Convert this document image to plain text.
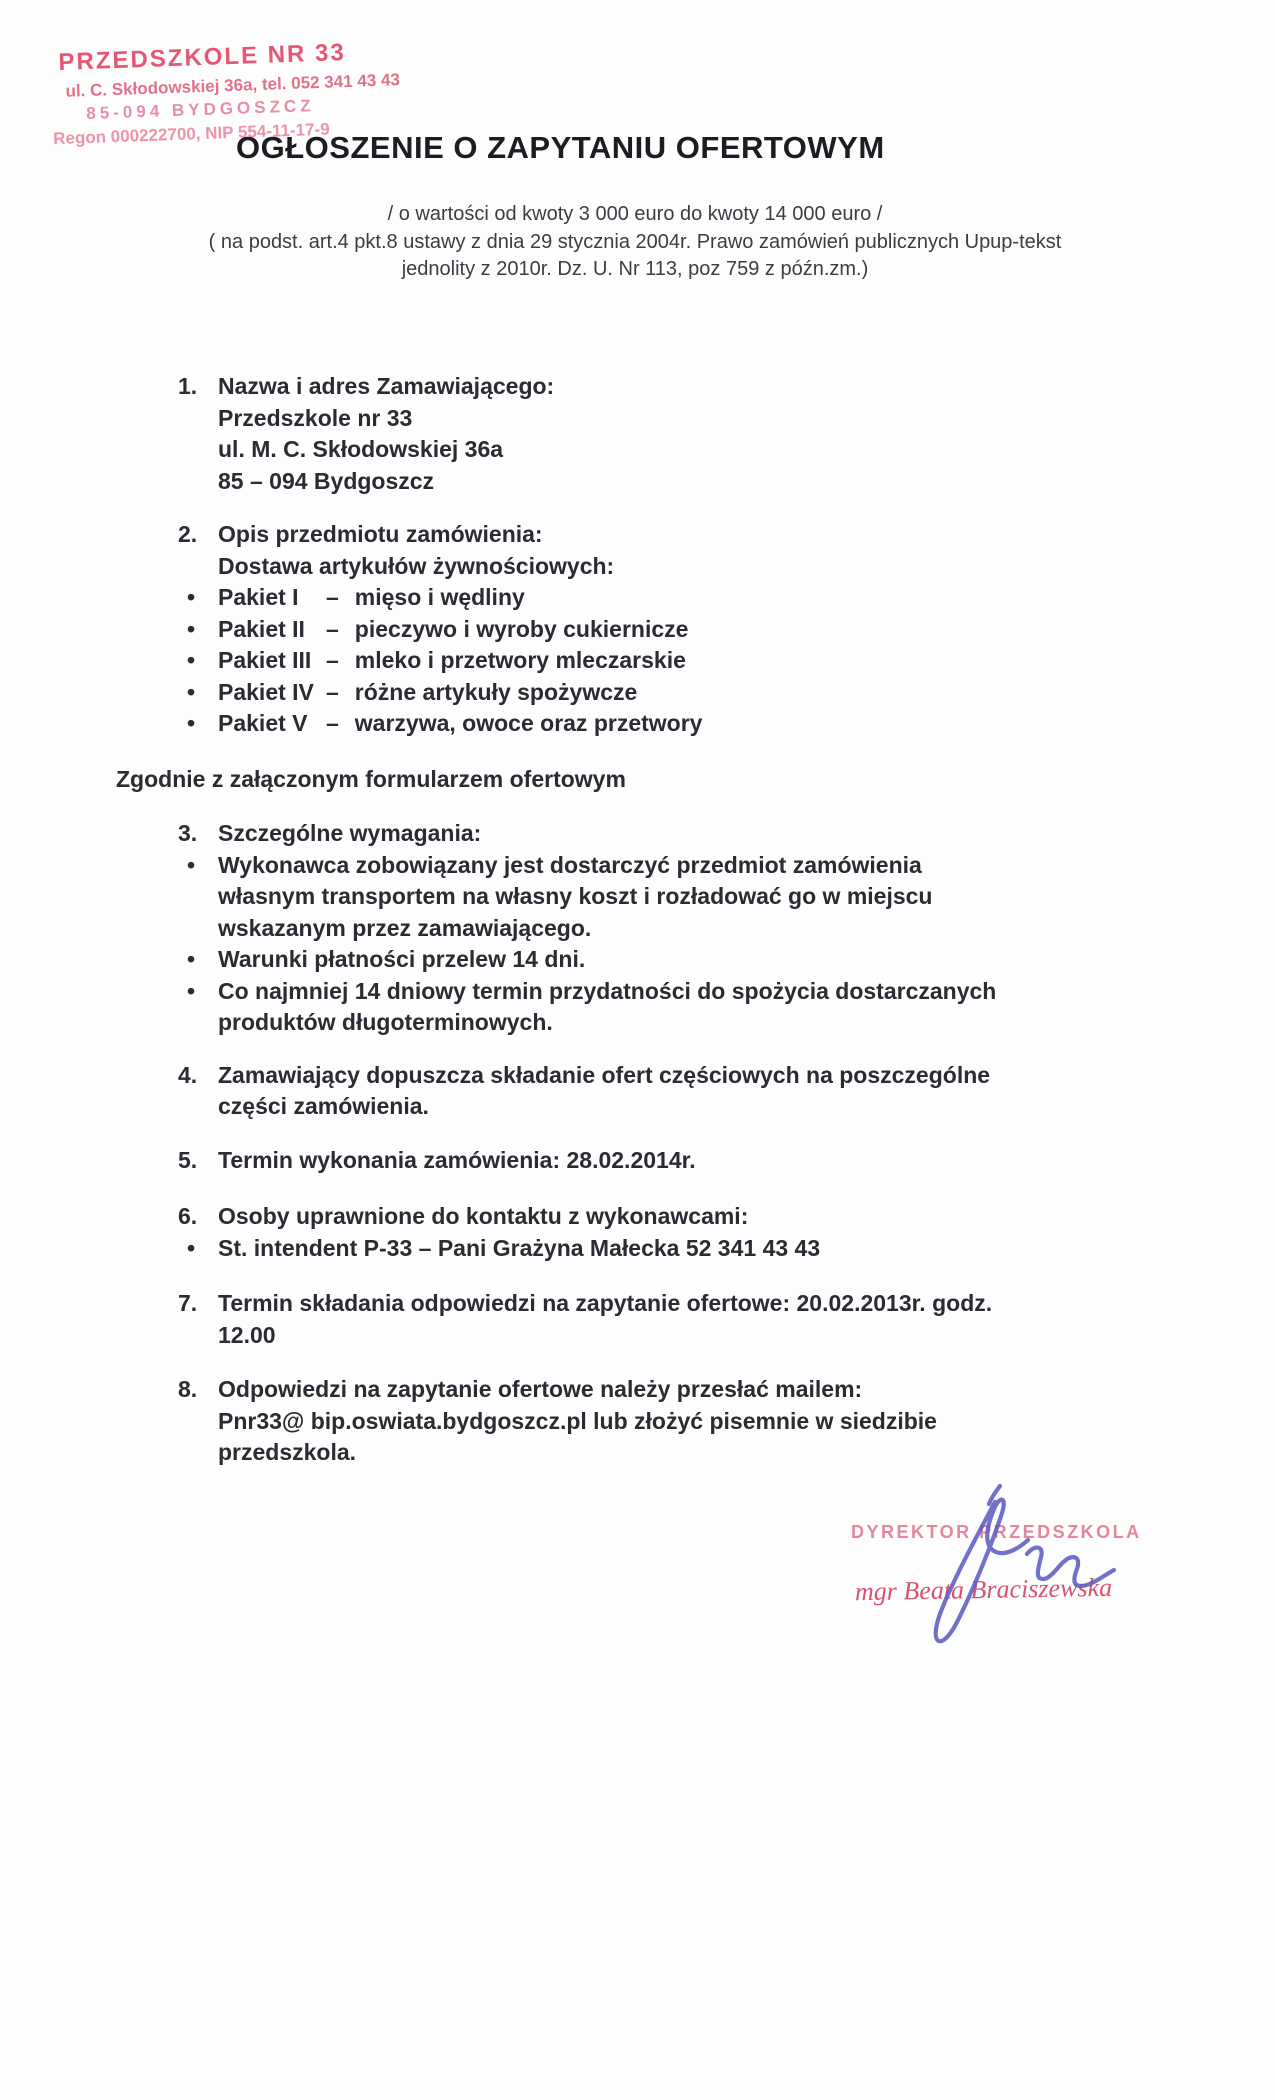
PRZEDSZKOLE NR 33
ul. C. Skłodowskiej 36a, tel. 052 341 43 43
85-094 BYDGOSZCZ
Regon 000222700, NIP 554-11-17-9
OGŁOSZENIE O ZAPYTANIU OFERTOWYM
/ o wartości od kwoty 3 000 euro do kwoty 14 000 euro /
( na podst. art.4 pkt.8 ustawy z dnia 29 stycznia 2004r. Prawo zamówień publicznych Upup-tekst
jednolity z 2010r. Dz. U. Nr 113, poz 759 z późn.zm.)
1. Nazwa i adres Zamawiającego:
Przedszkole nr 33
ul. M. C. Skłodowskiej 36a
85 – 094 Bydgoszcz
2. Opis przedmiotu zamówienia:
Dostawa artykułów żywnościowych:
• Pakiet I – mięso i wędliny
• Pakiet II – pieczywo i wyroby cukiernicze
• Pakiet III – mleko i przetwory mleczarskie
• Pakiet IV – różne artykuły spożywcze
• Pakiet V – warzywa, owoce oraz przetwory
Zgodnie z załączonym formularzem ofertowym
3. Szczególne wymagania:
• Wykonawca zobowiązany jest dostarczyć przedmiot zamówienia
własnym transportem na własny koszt i rozładować go w miejscu
wskazanym przez zamawiającego.
• Warunki płatności przelew 14 dni.
• Co najmniej 14 dniowy termin przydatności do spożycia dostarczanych
produktów długoterminowych.
4. Zamawiający dopuszcza składanie ofert częściowych na poszczególne
części zamówienia.
5. Termin wykonania zamówienia: 28.02.2014r.
6. Osoby uprawnione do kontaktu z wykonawcami:
• St. intendent P-33 – Pani Grażyna Małecka 52 341 43 43
7. Termin składania odpowiedzi na zapytanie ofertowe: 20.02.2013r. godz.
12.00
8. Odpowiedzi na zapytanie ofertowe należy przesłać mailem:
Pnr33@ bip.oswiata.bydgoszcz.pl lub złożyć pisemnie w siedzibie
przedszkola.
DYREKTOR PRZEDSZKOLA
mgr Beata Braciszewska
